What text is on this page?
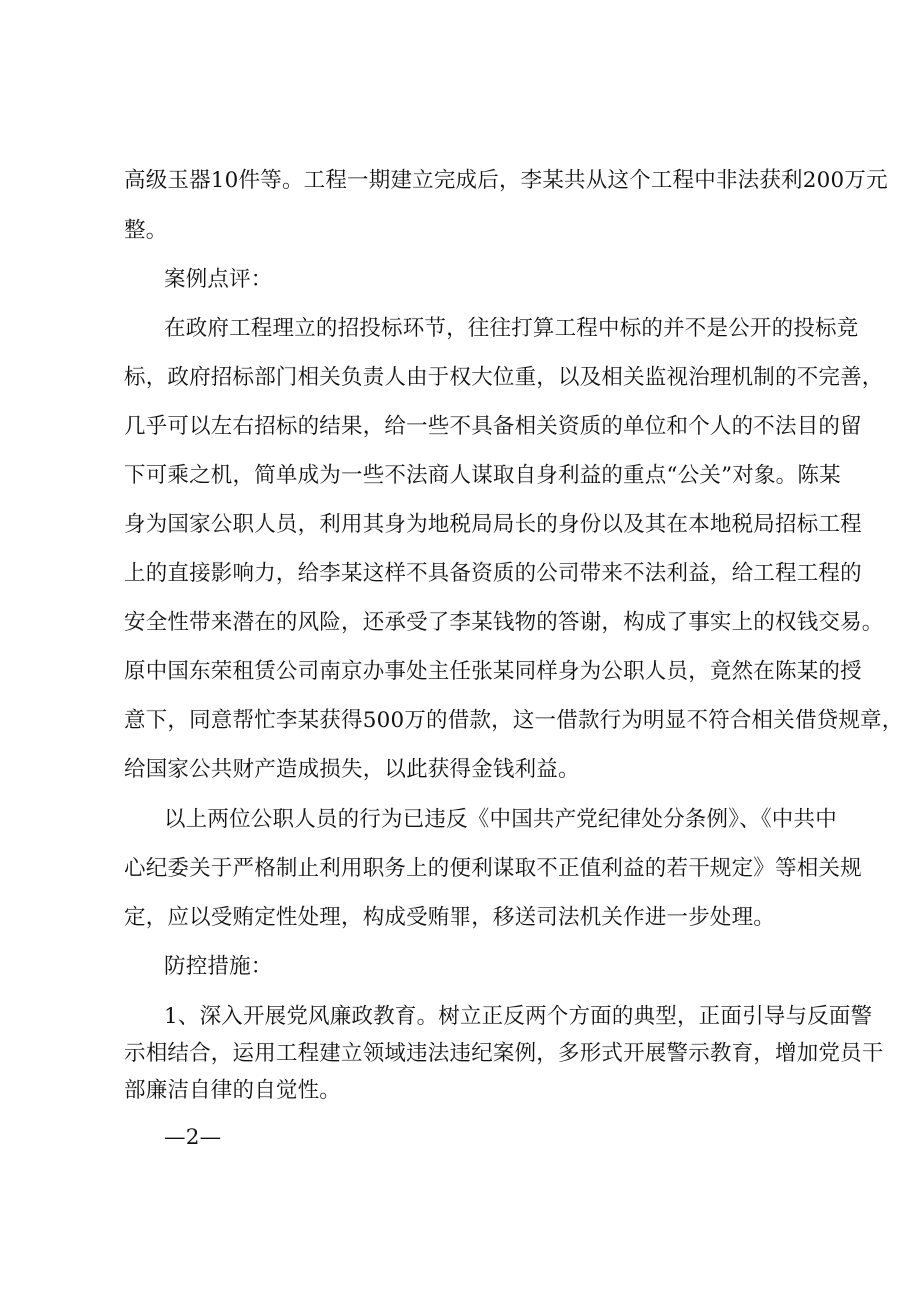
高级玉器10件等。工程一期建立完成后，李某共从这个工程中非法获利200万元
整。
案例点评：
在政府工程理立的招投标环节，往往打算工程中标的并不是公开的投标竞
标，政府招标部门相关负责人由于权大位重，以及相关监视治理机制的不完善，
几乎可以左右招标的结果，给一些不具备相关资质的单位和个人的不法目的留
下可乘之机，简单成为一些不法商人谋取自身利益的重点“公关”对象。陈某
身为国家公职人员，利用其身为地税局局长的身份以及其在本地税局招标工程
上的直接影响力，给李某这样不具备资质的公司带来不法利益，给工程工程的
安全性带来潜在的风险，还承受了李某钱物的答谢，构成了事实上的权钱交易。
原中国东荣租赁公司南京办事处主任张某同样身为公职人员，竟然在陈某的授
意下，同意帮忙李某获得500万的借款，这一借款行为明显不符合相关借贷规章，
给国家公共财产造成损失，以此获得金钱利益。
以上两位公职人员的行为已违反《中国共产党纪律处分条例》、《中共中
心纪委关于严格制止利用职务上的便利谋取不正值利益的若干规定》等相关规
定，应以受贿定性处理，构成受贿罪，移送司法机关作进一步处理。
防控措施：
1、深入开展党风廉政教育。树立正反两个方面的典型，正面引导与反面警
示相结合，运用工程建立领域违法违纪案例，多形式开展警示教育，增加党员干
部廉洁自律的自觉性。
—2—
